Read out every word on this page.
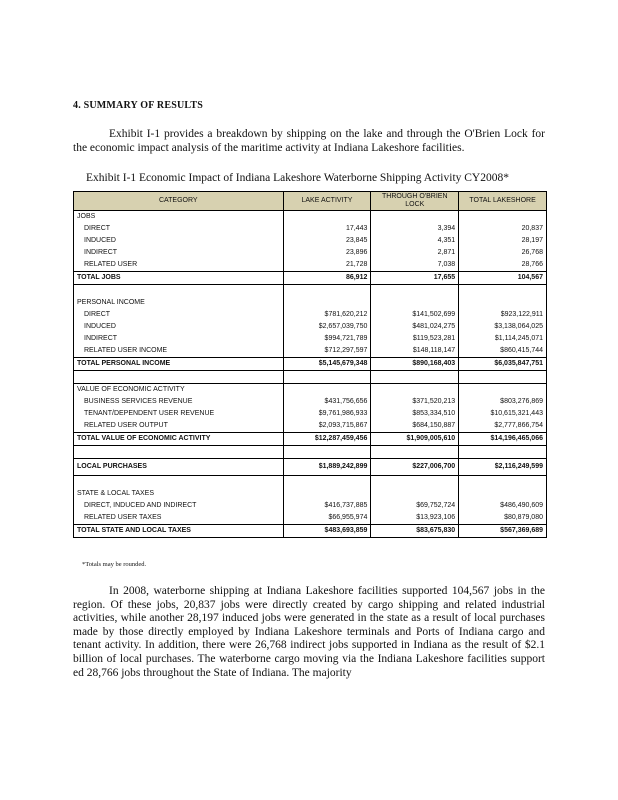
4. SUMMARY OF RESULTS
Exhibit I-1 provides a breakdown by shipping on the lake and through the O'Brien Lock for the economic impact analysis of the maritime activity at Indiana Lakeshore facilities.
Exhibit I-1 Economic Impact of Indiana Lakeshore Waterborne Shipping Activity CY2008*
CATEGORY	LAKE ACTIVITY	THROUGH O'BRIEN LOCK	TOTAL LAKESHORE
JOBS			
DIRECT	17,443	3,394	20,837
INDUCED	23,845	4,351	28,197
INDIRECT	23,896	2,871	26,768
RELATED USER	21,728	7,038	28,766
TOTAL JOBS	86,912	17,655	104,567

PERSONAL INCOME			
DIRECT	$781,620,212	$141,502,699	$923,122,911
INDUCED	$2,657,039,750	$481,024,275	$3,138,064,025
INDIRECT	$994,721,789	$119,523,281	$1,114,245,071
RELATED USER INCOME	$712,297,597	$148,118,147	$860,415,744
TOTAL PERSONAL INCOME	$5,145,679,348	$890,168,403	$6,035,847,751

VALUE OF ECONOMIC ACTIVITY			
BUSINESS SERVICES REVENUE	$431,756,656	$371,520,213	$803,276,869
TENANT/DEPENDENT USER REVENUE	$9,761,986,933	$853,334,510	$10,615,321,443
RELATED USER OUTPUT	$2,093,715,867	$684,150,887	$2,777,866,754
TOTAL VALUE OF ECONOMIC ACTIVITY	$12,287,459,456	$1,909,005,610	$14,196,465,066

LOCAL PURCHASES	$1,889,242,899	$227,006,700	$2,116,249,599

STATE & LOCAL TAXES			
DIRECT, INDUCED AND INDIRECT	$416,737,885	$69,752,724	$486,490,609
RELATED USER TAXES	$66,955,974	$13,923,106	$80,879,080
TOTAL STATE AND LOCAL TAXES	$483,693,859	$83,675,830	$567,369,689
*Totals may be rounded.
In 2008, waterborne shipping at Indiana Lakeshore facilities supported 104,567 jobs in the region. Of these jobs, 20,837 jobs were directly created by cargo shipping and related industrial activities, while another 28,197 induced jobs were generated in the state as a result of local purchases made by those directly employed by Indiana Lakeshore terminals and Ports of Indiana cargo and tenant activity. In addition, there were 26,768 indirect jobs supported in Indiana as the result of $2.1 billion of local purchases. The waterborne cargo moving via the Indiana Lakeshore facilities support ed 28,766 jobs throughout the State of Indiana. The majority
